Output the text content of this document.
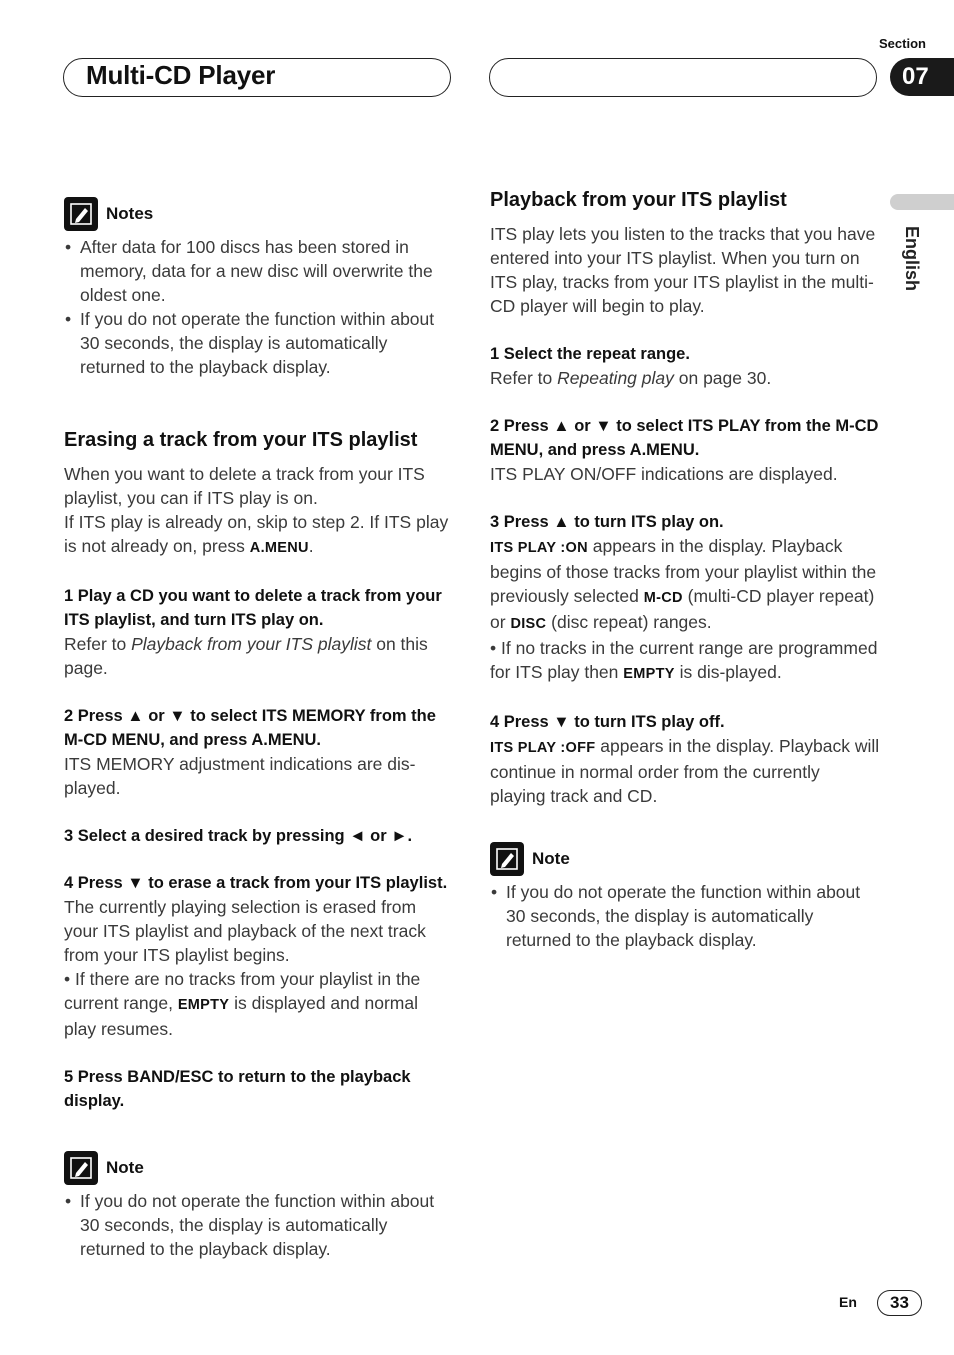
Multi-CD Player
Section
07
English
Notes

• After data for 100 discs has been stored in memory, data for a new disc will overwrite the oldest one.

• If you do not operate the function within about 30 seconds, the display is automatically returned to the playback display.

Erasing a track from your ITS playlist

When you want to delete a track from your ITS playlist, you can if ITS play is on.

If ITS play is already on, skip to step 2. If ITS play is not already on, press A.MENU.

1 Play a CD you want to delete a track from your ITS playlist, and turn ITS play on.

Refer to Playback from your ITS playlist on this page.

2 Press ▲ or ▼ to select ITS MEMORY from the M-CD MENU, and press A.MENU.

ITS MEMORY adjustment indications are dis-played.

3 Select a desired track by pressing ◄ or ►.

4 Press ▼ to erase a track from your ITS playlist.

The currently playing selection is erased from your ITS playlist and playback of the next track from your ITS playlist begins.

• If there are no tracks from your playlist in the current range, EMPTY is displayed and normal play resumes.

5 Press BAND/ESC to return to the playback display.

Note

• If you do not operate the function within about 30 seconds, the display is automatically returned to the playback display.

Playback from your ITS playlist

ITS play lets you listen to the tracks that you have entered into your ITS playlist. When you turn on ITS play, tracks from your ITS playlist in the multi-CD player will begin to play.

1 Select the repeat range.

Refer to Repeating play on page 30.

2 Press ▲ or ▼ to select ITS PLAY from the M-CD MENU, and press A.MENU.

ITS PLAY ON/OFF indications are displayed.

3 Press ▲ to turn ITS play on.

ITS PLAY :ON appears in the display. Playback begins of those tracks from your playlist within the previously selected M-CD (multi-CD player repeat) or DISC (disc repeat) ranges.

• If no tracks in the current range are programmed for ITS play then EMPTY is dis-played.

4 Press ▼ to turn ITS play off.

ITS PLAY :OFF appears in the display. Playback will continue in normal order from the currently playing track and CD.

Note

• If you do not operate the function within about 30 seconds, the display is automatically returned to the playback display.

En	33
